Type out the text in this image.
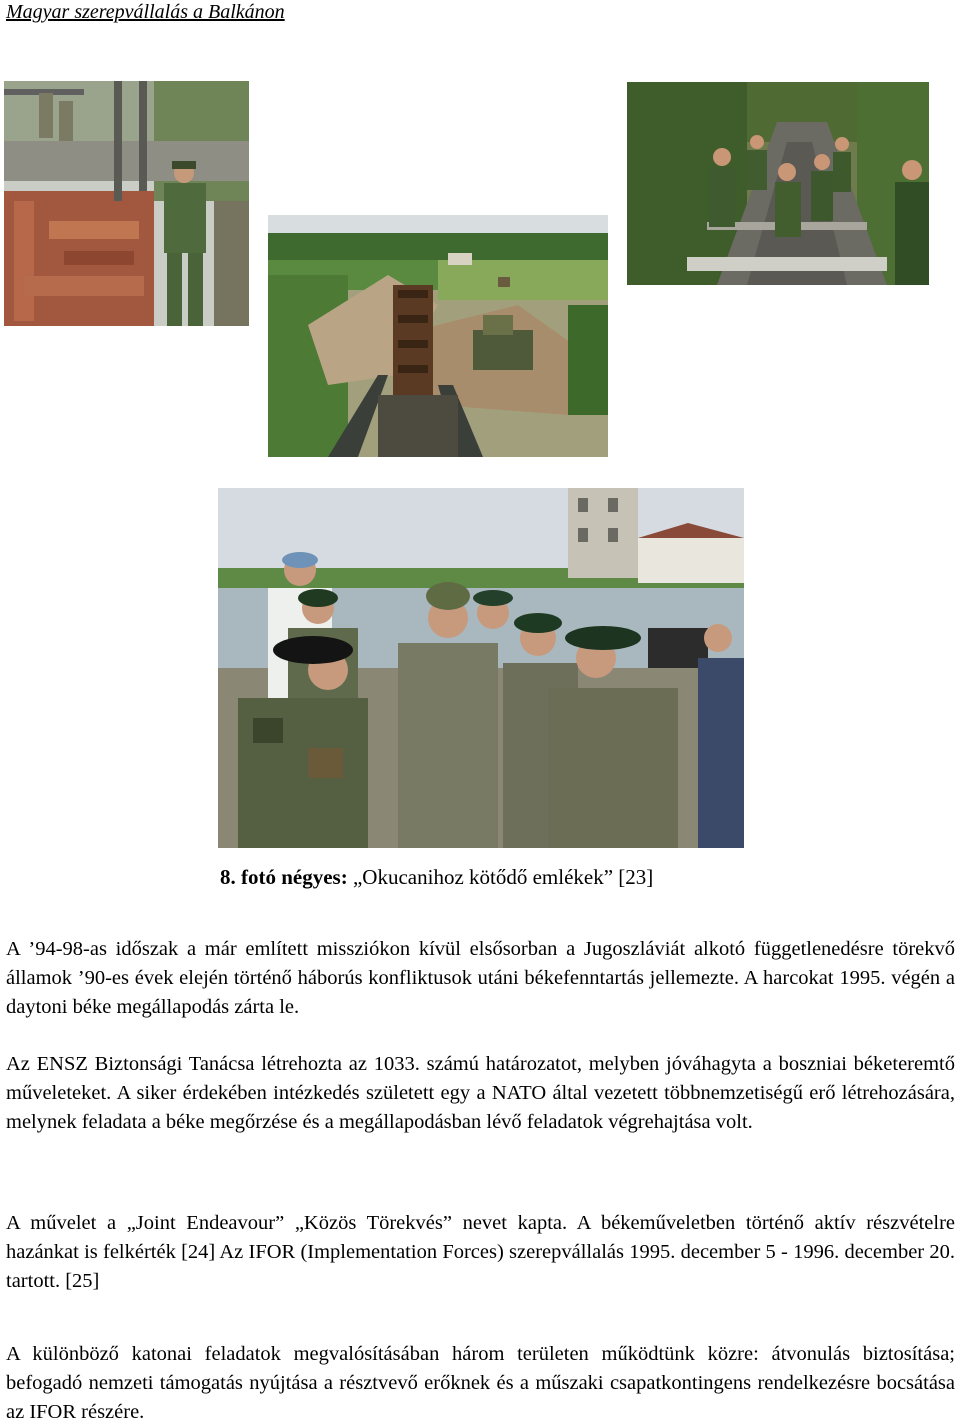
Magyar szerepvállalás a Balkánon
8. fotó négyes: „Okucanihoz kötődő emlékek” [23]

A ’94-98-as időszak a már említett missziókon kívül elsősorban a Jugoszláviát alkotó függetlenedésre törekvő államok ’90-es évek elején történő háborús konfliktusok utáni békefenntartás jellemezte. A harcokat 1995. végén a daytoni béke megállapodás zárta le.

Az ENSZ Biztonsági Tanácsa létrehozta az 1033. számú határozatot, melyben jóváhagyta a boszniai béketeremtő műveleteket. A siker érdekében intézkedés született egy a NATO által vezetett többnemzetiségű erő létrehozására, melynek feladata a béke megőrzése és a megállapodásban lévő feladatok végrehajtása volt.

A művelet a „Joint Endeavour” „Közös Törekvés” nevet kapta. A békeműveletben történő aktív részvételre hazánkat is felkérték [24] Az IFOR (Implementation Forces) szerepvállalás 1995. december 5 - 1996. december 20. tartott. [25]

A különböző katonai feladatok megvalósításában három területen működtünk közre: átvonulás biztosítása; befogadó nemzeti támogatás nyújtása a résztvevő erőknek és a műszaki csapatkontingens rendelkezésre bocsátása az IFOR részére.
